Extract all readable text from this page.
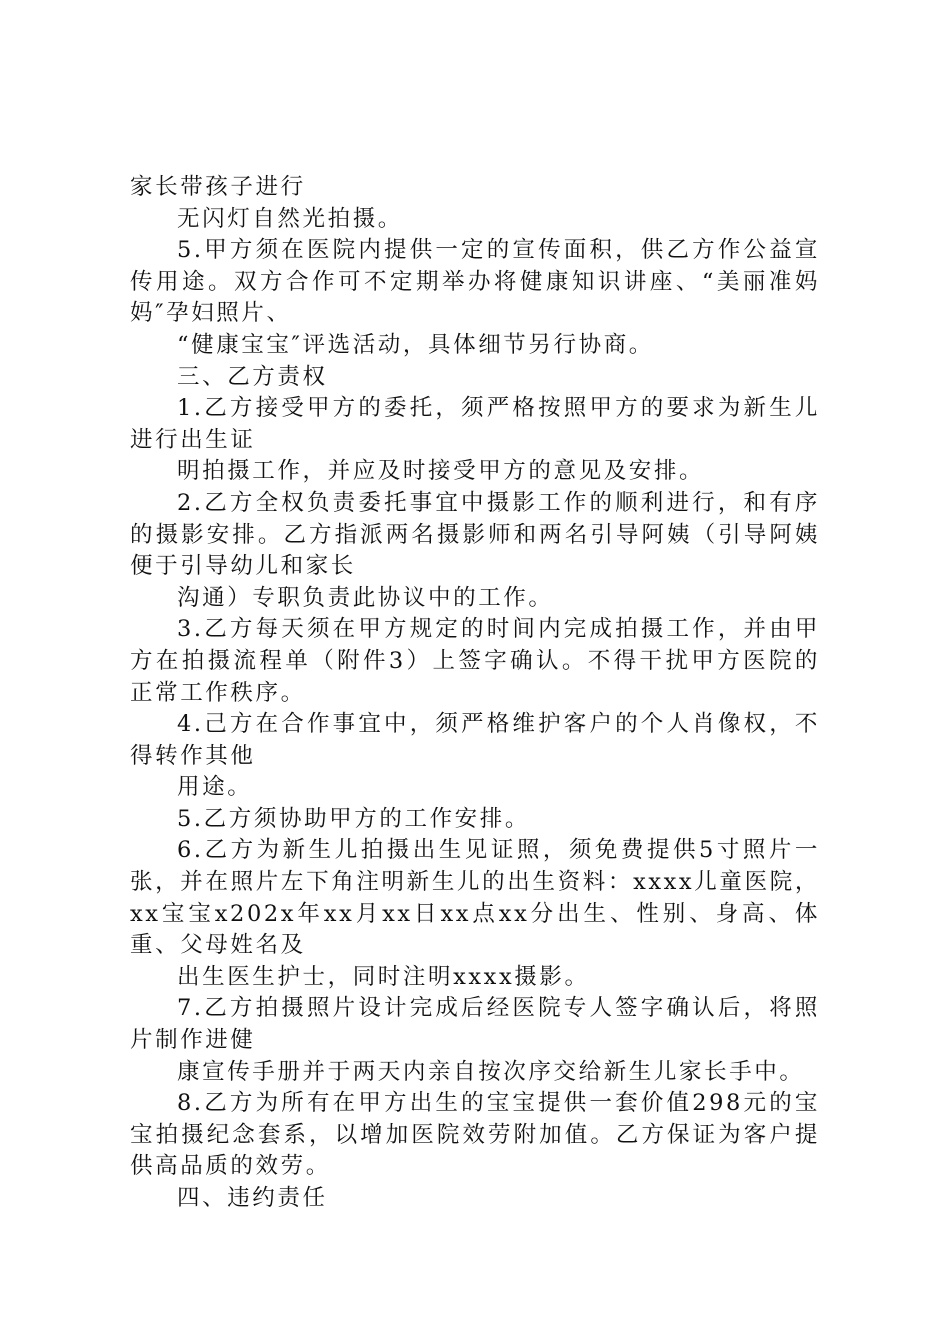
家长带孩子进行
无闪灯自然光拍摄。
5.甲方须在医院内提供一定的宣传面积，供乙方作公益宣
传用途。双方合作可不定期举办将健康知识讲座、“美丽准妈
妈″孕妇照片、
“健康宝宝″评选活动，具体细节另行协商。
三、乙方责权
1.乙方接受甲方的委托，须严格按照甲方的要求为新生儿
进行出生证
明拍摄工作，并应及时接受甲方的意见及安排。
2.乙方全权负责委托事宜中摄影工作的顺利进行，和有序
的摄影安排。乙方指派两名摄影师和两名引导阿姨（引导阿姨
便于引导幼儿和家长
沟通）专职负责此协议中的工作。
3.乙方每天须在甲方规定的时间内完成拍摄工作，并由甲
方在拍摄流程单（附件3）上签字确认。不得干扰甲方医院的
正常工作秩序。
4.己方在合作事宜中，须严格维护客户的个人肖像权，不
得转作其他
用途。
5.乙方须协助甲方的工作安排。
6.乙方为新生儿拍摄出生见证照，须免费提供5寸照片一
张，并在照片左下角注明新生儿的出生资料：xxxx儿童医院，
xx宝宝x202x年xx月xx日xx点xx分出生、性别、身高、体
重、父母姓名及
出生医生护士，同时注明xxxx摄影。
7.乙方拍摄照片设计完成后经医院专人签字确认后，将照
片制作进健
康宣传手册并于两天内亲自按次序交给新生儿家长手中。
8.乙方为所有在甲方出生的宝宝提供一套价值298元的宝
宝拍摄纪念套系，以增加医院效劳附加值。乙方保证为客户提
供高品质的效劳。
四、违约责任
